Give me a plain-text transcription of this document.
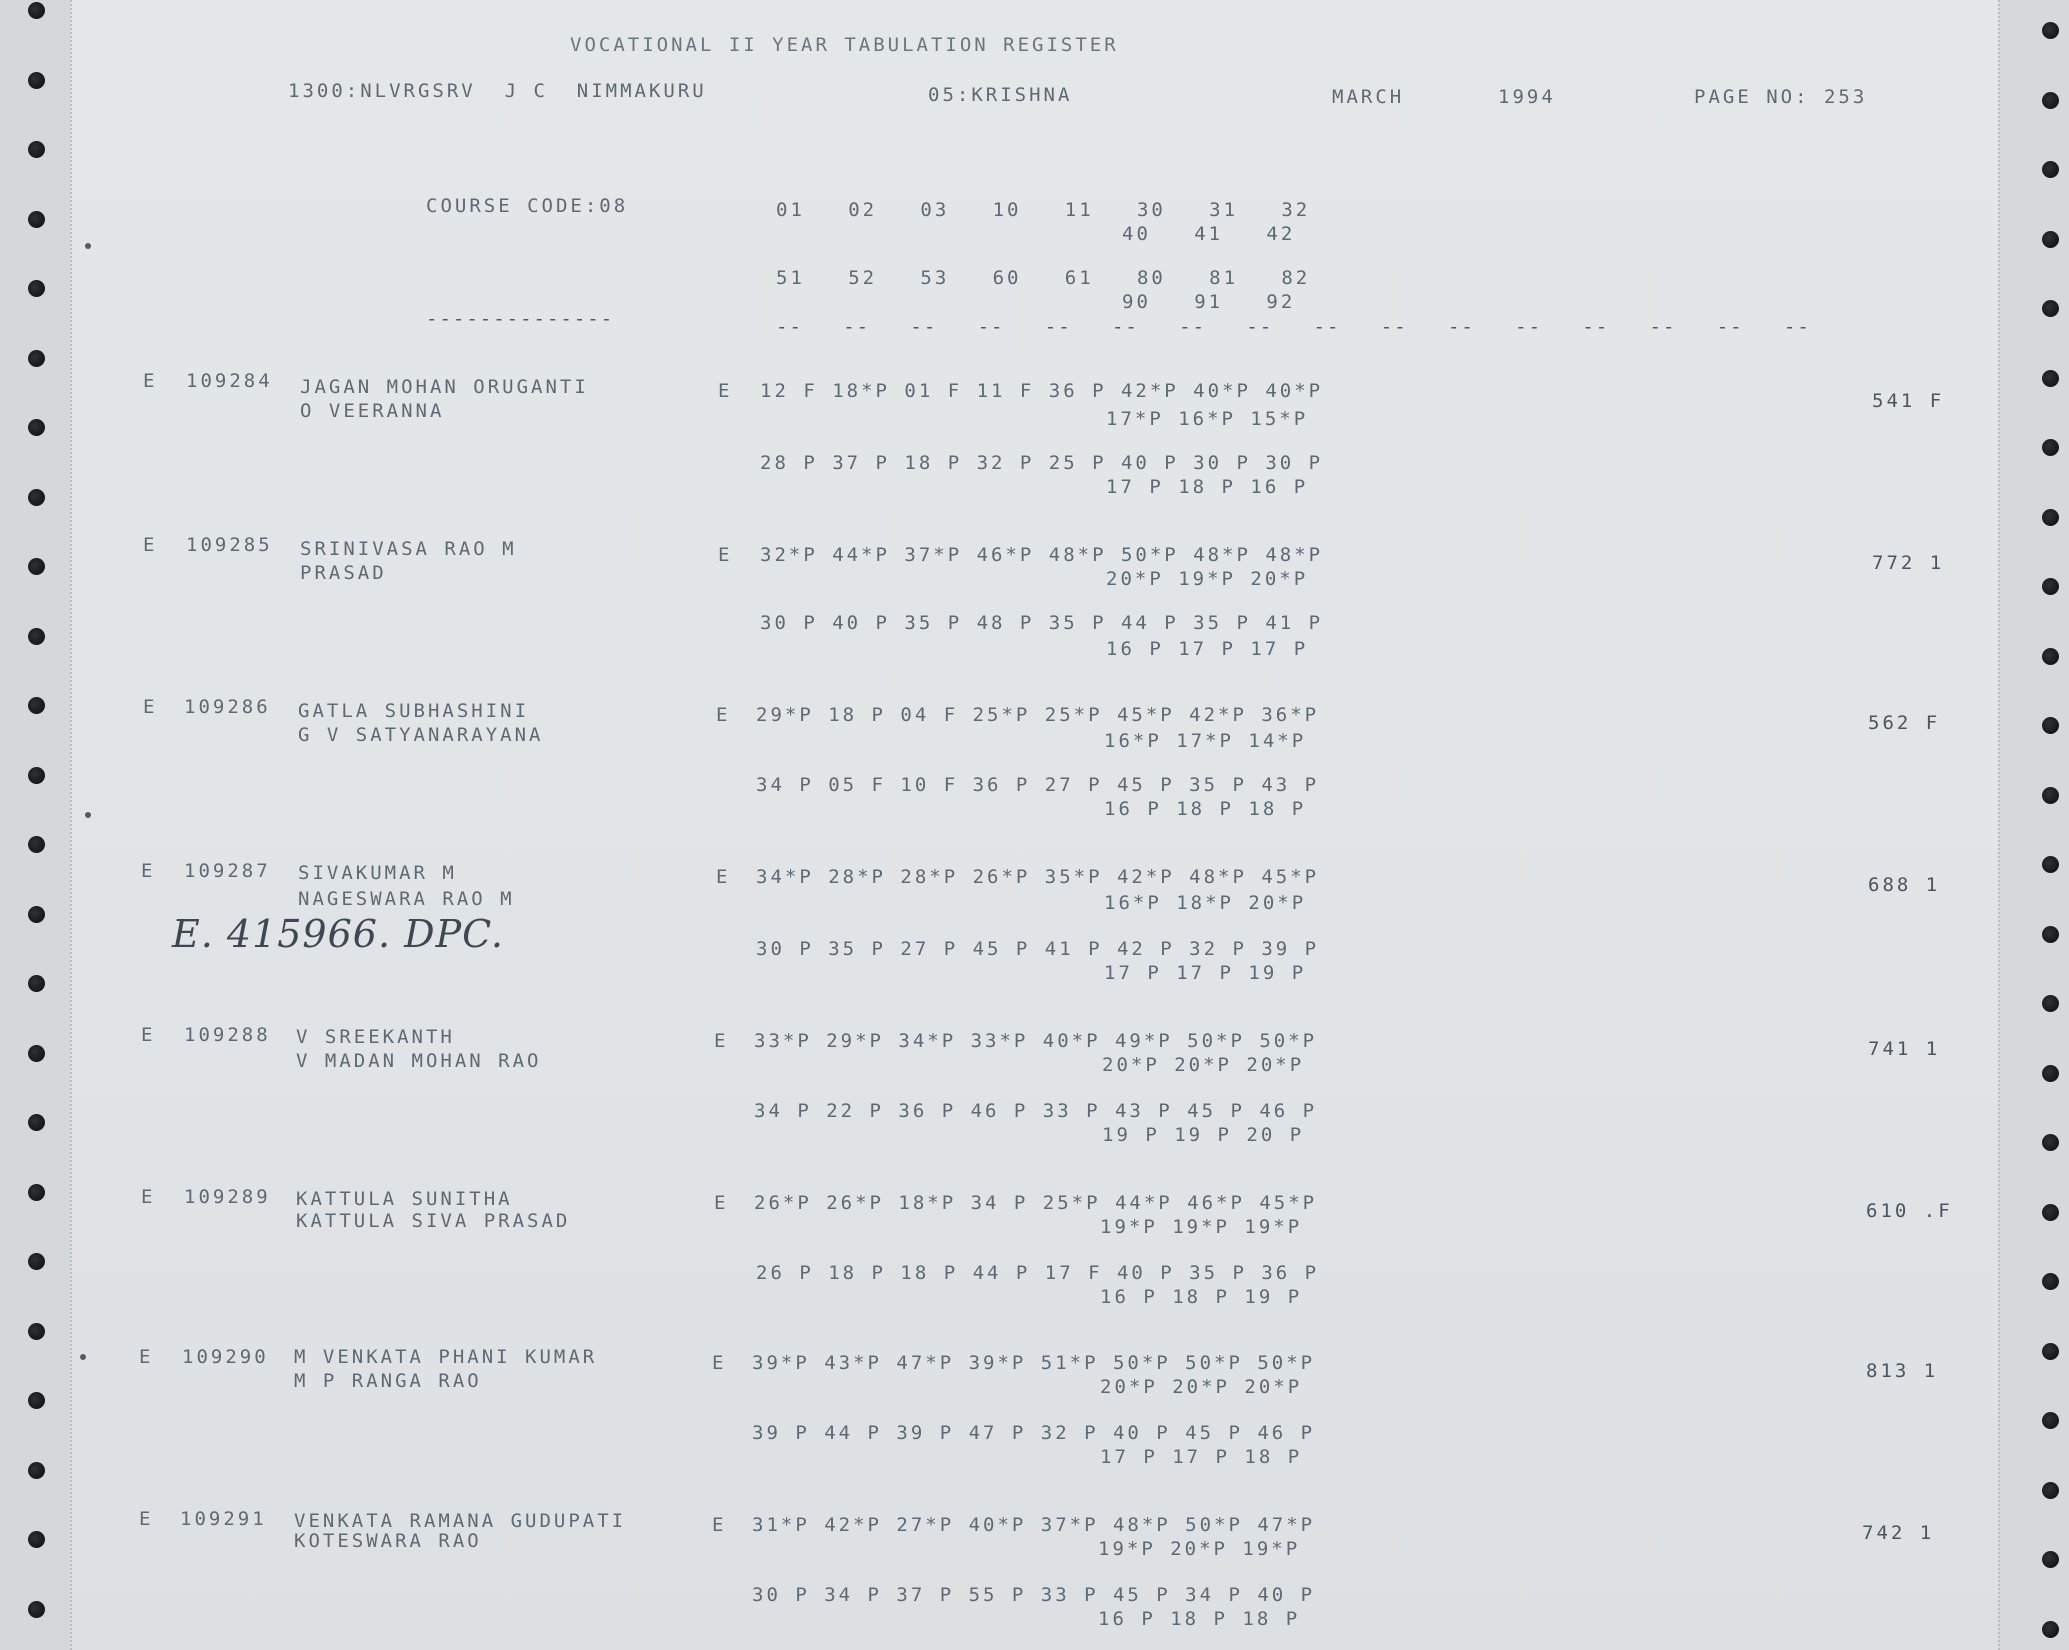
VOCATIONAL II YEAR TABULATION REGISTER
1300:NLVRGSRV  J C  NIMMAKURU	05:KRISHNA	MARCH	1994	PAGE NO: 253
COURSE CODE:08	01   02   03   10   11   30   31   32
40   41   42
51   52   53   60   61   80   81   82
90   91   92
--------------	--   --   --   --   --   --   --   --   --   --   --   --   --   --   --   --
E 109284 JAGAN MOHAN ORUGANTI
O VEERANNA
E 12 F 18*P 01 F 11 F 36 P 42*P 40*P 40*P
17*P 16*P 15*P
28 P 37 P 18 P 32 P 25 P 40 P 30 P 30 P
17 P 18 P 16 P
541 F
E 109285 SRINIVASA RAO M
PRASAD
E 32*P 44*P 37*P 46*P 48*P 50*P 48*P 48*P
20*P 19*P 20*P
30 P 40 P 35 P 48 P 35 P 44 P 35 P 41 P
16 P 17 P 17 P
772 1
E 109286 GATLA SUBHASHINI
G V SATYANARAYANA
E 29*P 18 P 04 F 25*P 25*P 45*P 42*P 36*P
16*P 17*P 14*P
34 P 05 F 10 F 36 P 27 P 45 P 35 P 43 P
16 P 18 P 18 P
562 F
E 109287 SIVAKUMAR M
NAGESWARA RAO M
E 34*P 28*P 28*P 26*P 35*P 42*P 48*P 45*P
16*P 18*P 20*P
30 P 35 P 27 P 45 P 41 P 42 P 32 P 39 P
17 P 17 P 19 P
688 1
E 109288 V SREEKANTH
V MADAN MOHAN RAO
E 33*P 29*P 34*P 33*P 40*P 49*P 50*P 50*P
20*P 20*P 20*P
34 P 22 P 36 P 46 P 33 P 43 P 45 P 46 P
19 P 19 P 20 P
741 1
E 109289 KATTULA SUNITHA
KATTULA SIVA PRASAD
E 26*P 26*P 18*P 34 P 25*P 44*P 46*P 45*P
19*P 19*P 19*P
26 P 18 P 18 P 44 P 17 F 40 P 35 P 36 P
16 P 18 P 19 P
610 .F
E 109290 M VENKATA PHANI KUMAR
M P RANGA RAO
E 39*P 43*P 47*P 39*P 51*P 50*P 50*P 50*P
20*P 20*P 20*P
39 P 44 P 39 P 47 P 32 P 40 P 45 P 46 P
17 P 17 P 18 P
813 1
E 109291 VENKATA RAMANA GUDUPATI
KOTESWARA RAO
E 31*P 42*P 27*P 40*P 37*P 48*P 50*P 47*P
19*P 20*P 19*P
30 P 34 P 37 P 55 P 33 P 45 P 34 P 40 P
16 P 18 P 18 P
742 1
E. 415966. DPC.
